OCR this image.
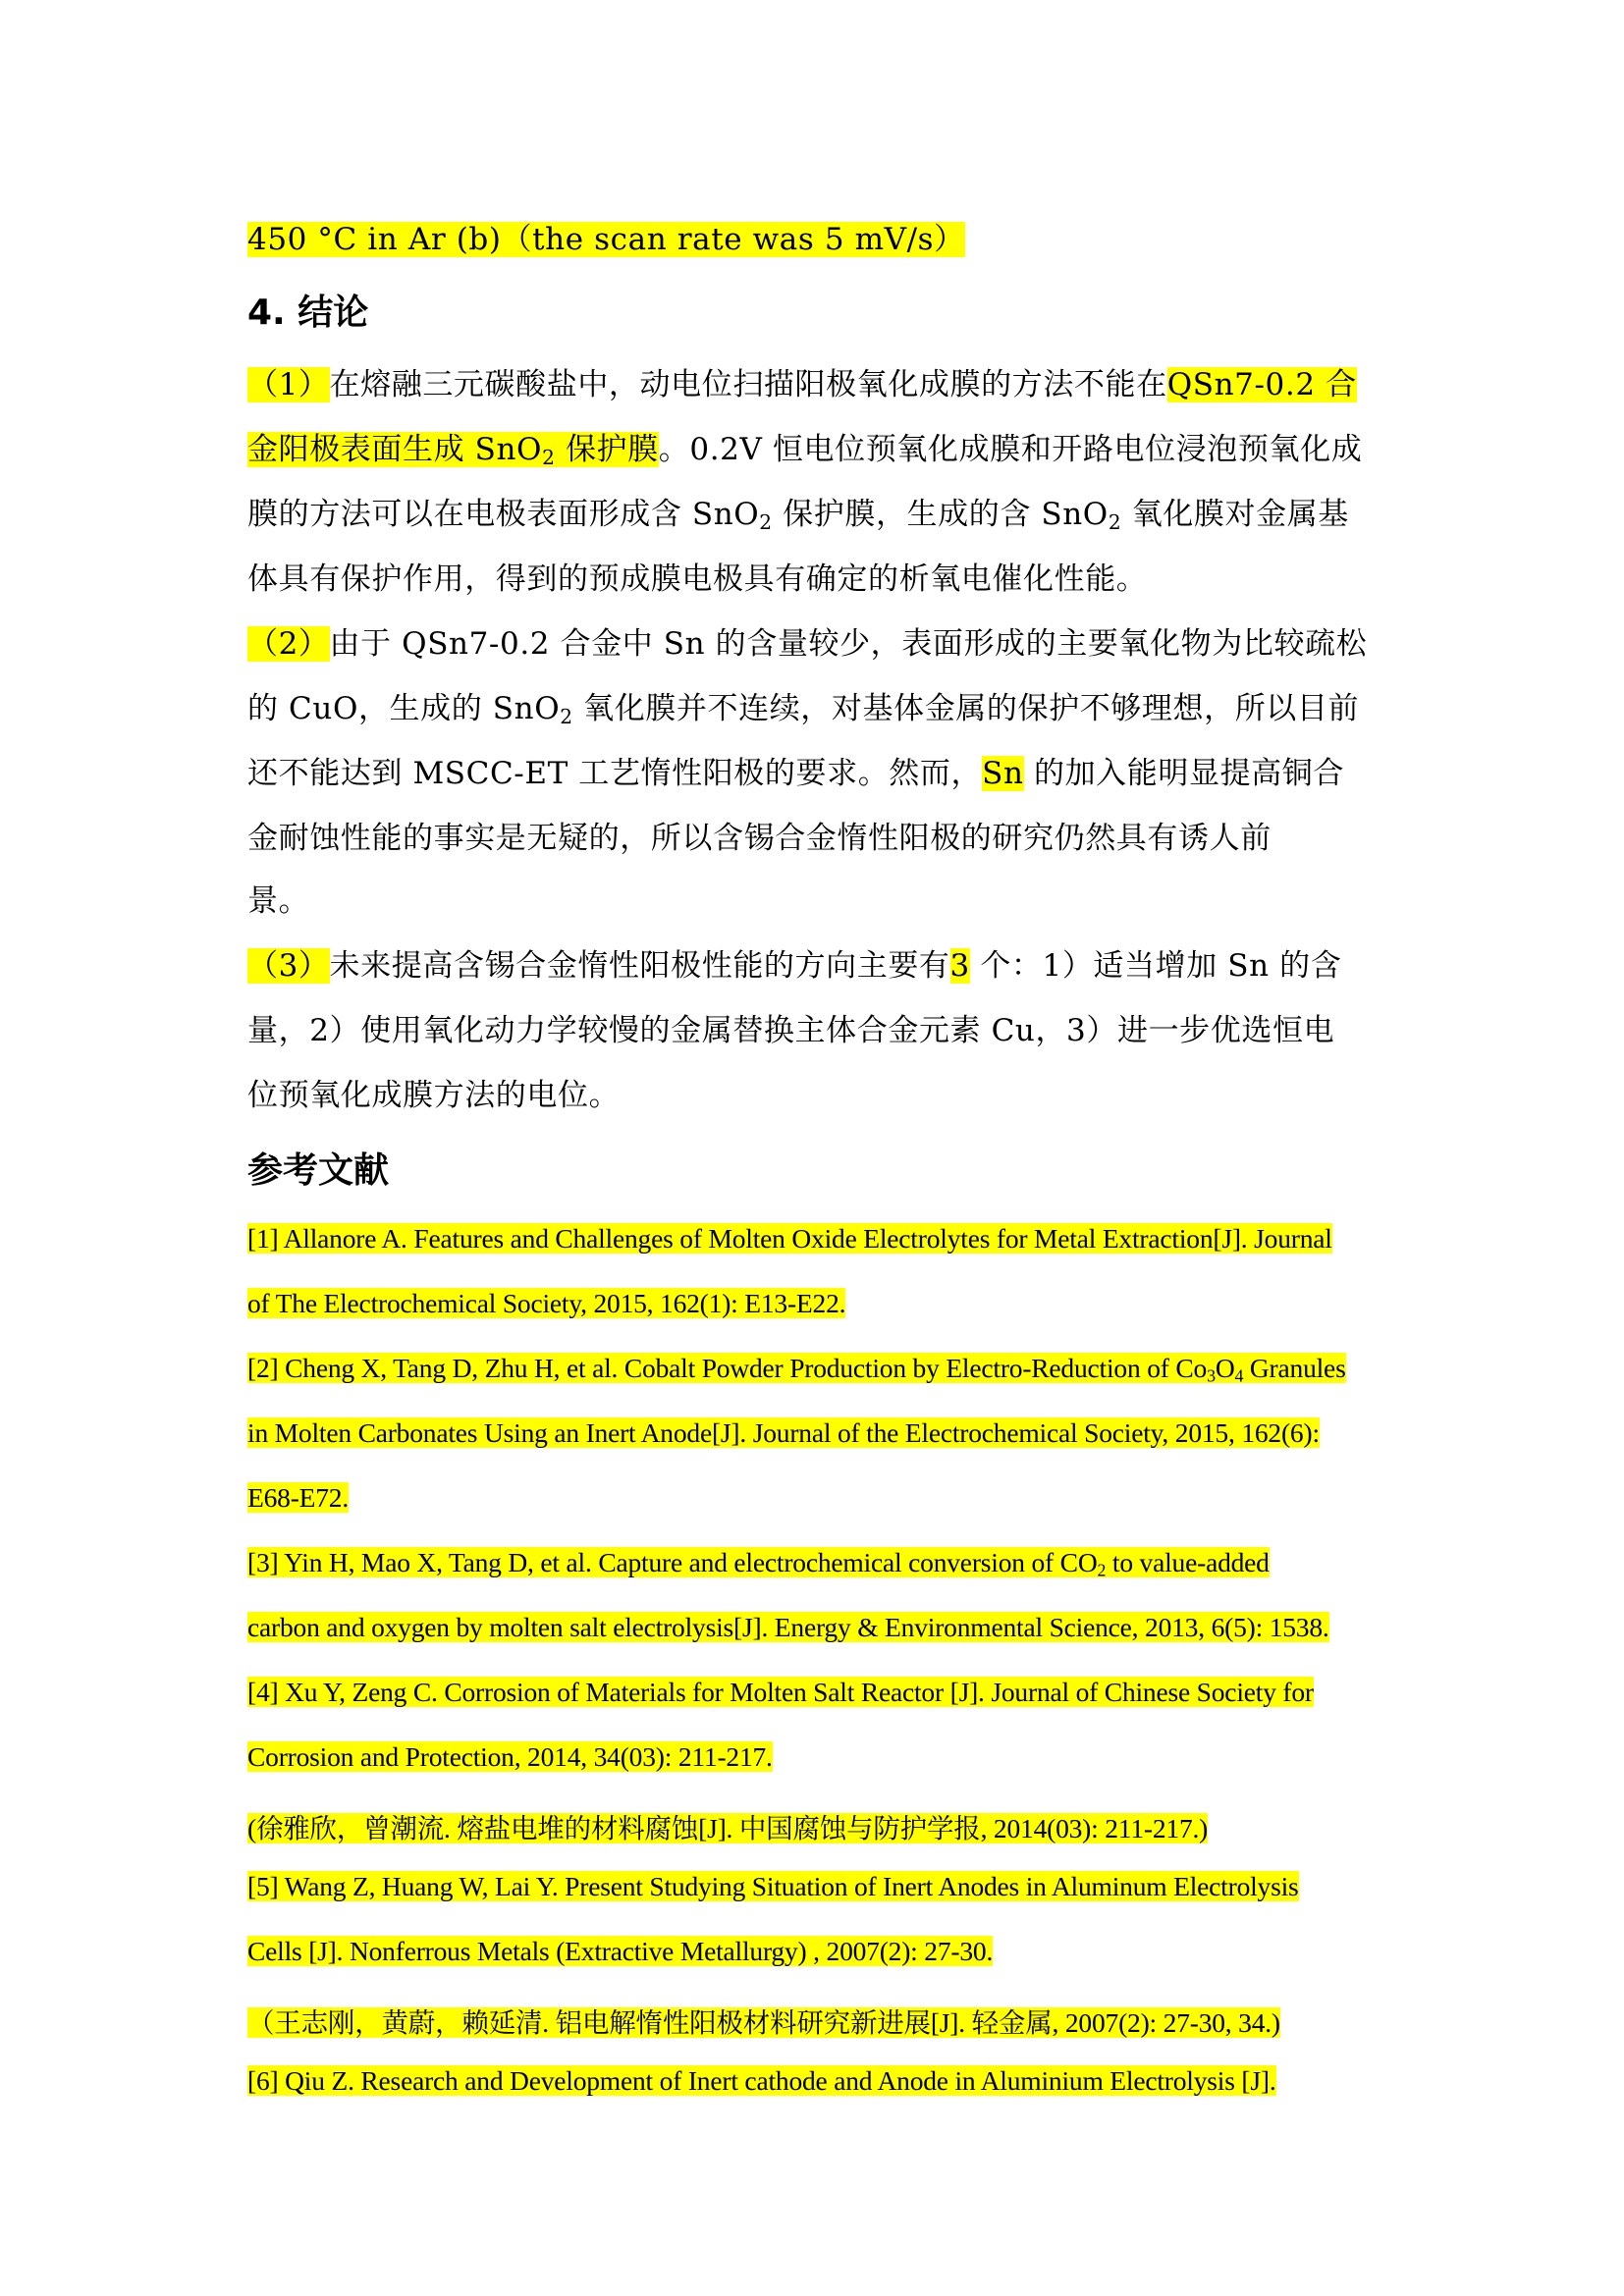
450 °C in Ar (b)（the scan rate was 5 mV/s）
4. 结论
（1）在熔融三元碳酸盐中，动电位扫描阳极氧化成膜的方法不能在QSn7-0.2 合
金阳极表面生成 SnO$_2$ 保护膜。0.2V 恒电位预氧化成膜和开路电位浸泡预氧化成
膜的方法可以在电极表面形成含 SnO$_2$ 保护膜，生成的含 SnO$_2$ 氧化膜对金属基
体具有保护作用，得到的预成膜电极具有确定的析氧电催化性能。
（2）由于 QSn7-0.2 合金中 Sn 的含量较少，表面形成的主要氧化物为比较疏松
的 CuO，生成的 SnO$_2$ 氧化膜并不连续，对基体金属的保护不够理想，所以目前
还不能达到 MSCC-ET 工艺惰性阳极的要求。然而，Sn 的加入能明显提高铜合
金耐蚀性能的事实是无疑的，所以含锡合金惰性阳极的研究仍然具有诱人前
景。
（3）未来提高含锡合金惰性阳极性能的方向主要有3 个：1）适当增加 Sn 的含
量，2）使用氧化动力学较慢的金属替换主体合金元素 Cu，3）进一步优选恒电
位预氧化成膜方法的电位。
参考文献
[1] Allanore A. Features and Challenges of Molten Oxide Electrolytes for Metal Extraction[J]. Journal
of The Electrochemical Society, 2015, 162(1): E13-E22.
[2] Cheng X, Tang D, Zhu H, et al. Cobalt Powder Production by Electro-Reduction of $Co_3O_4$ Granules
in Molten Carbonates Using an Inert Anode[J]. Journal of the Electrochemical Society, 2015, 162(6):
E68-E72.
[3] Yin H, Mao X, Tang D, et al. Capture and electrochemical conversion of $CO_2$ to value-added
carbon and oxygen by molten salt electrolysis[J]. Energy & Environmental Science, 2013, 6(5): 1538.
[4] Xu Y, Zeng C. Corrosion of Materials for Molten Salt Reactor [J]. Journal of Chinese Society for
Corrosion and Protection, 2014, 34(03): 211-217.
(徐雅欣，曾潮流. 熔盐电堆的材料腐蚀[J]. 中国腐蚀与防护学报, 2014(03): 211-217.)
[5] Wang Z, Huang W, Lai Y. Present Studying Situation of Inert Anodes in Aluminum Electrolysis
Cells [J]. Nonferrous Metals (Extractive Metallurgy) , 2007(2): 27-30.
（王志刚，黄蔚，赖延清. 铝电解惰性阳极材料研究新进展[J]. 轻金属, 2007(2): 27-30, 34.)
[6] Qiu Z. Research and Development of Inert cathode and Anode in Aluminium Electrolysis [J].
